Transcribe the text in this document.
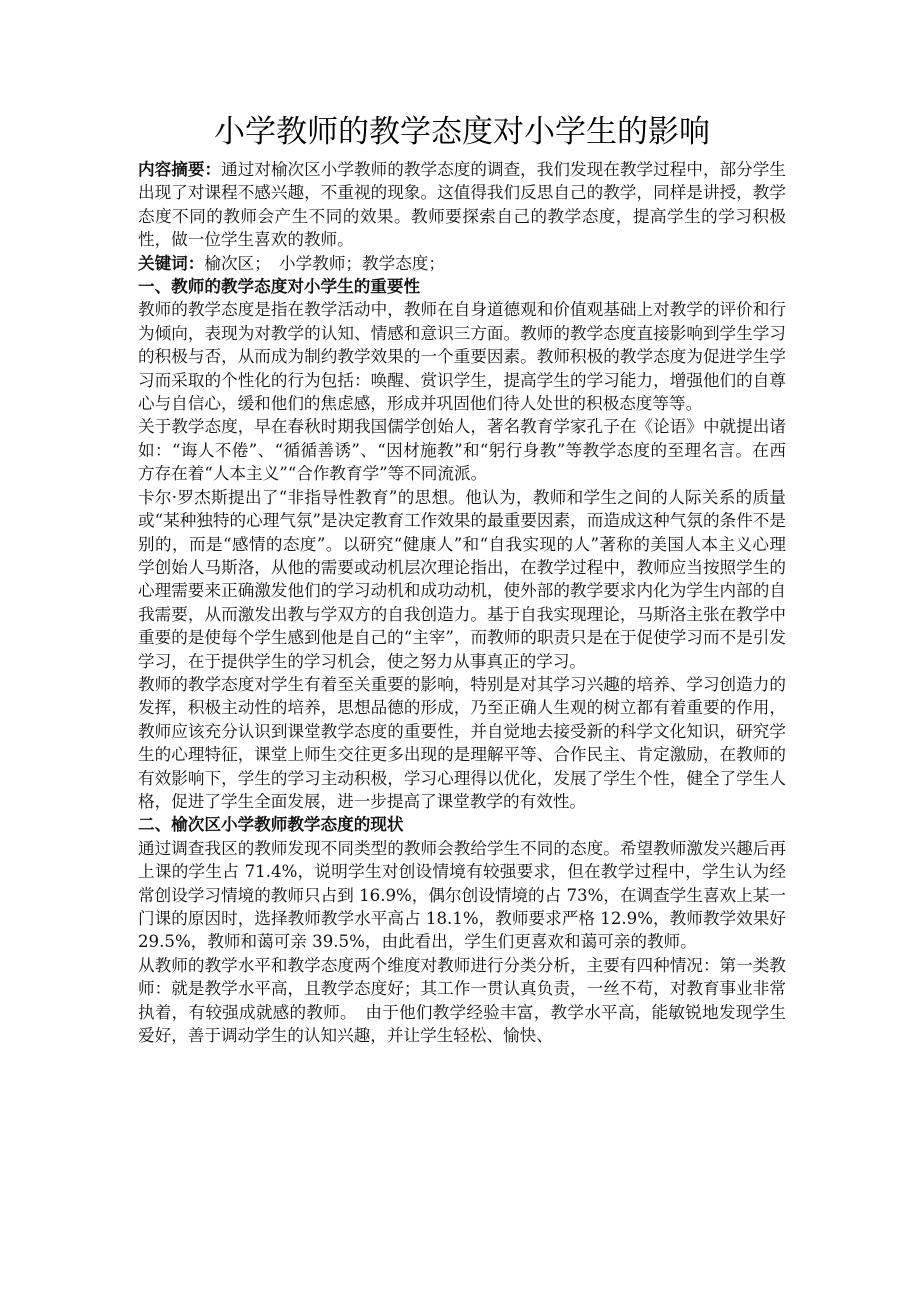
小学教师的教学态度对小学生的影响

内容摘要：通过对榆次区小学教师的教学态度的调查，我们发现在教学过程中，部分学生出现了对课程不感兴趣，不重视的现象。这值得我们反思自己的教学，同样是讲授，教学态度不同的教师会产生不同的效果。教师要探索自己的教学态度，提高学生的学习积极性，做一位学生喜欢的教师。

关键词：榆次区；　小学教师；教学态度；

一、教师的教学态度对小学生的重要性

教师的教学态度是指在教学活动中，教师在自身道德观和价值观基础上对教学的评价和行为倾向，表现为对教学的认知、情感和意识三方面。教师的教学态度直接影响到学生学习的积极与否，从而成为制约教学效果的一个重要因素。教师积极的教学态度为促进学生学习而采取的个性化的行为包括：唤醒、赏识学生，提高学生的学习能力，增强他们的自尊心与自信心，缓和他们的焦虑感，形成并巩固他们待人处世的积极态度等等。

关于教学态度，早在春秋时期我国儒学创始人，著名教育学家孔子在《论语》中就提出诸如：“诲人不倦”、“循循善诱”、“因材施教”和“躬行身教”等教学态度的至理名言。在西方存在着“人本主义”“合作教育学”等不同流派。

卡尔·罗杰斯提出了“非指导性教育”的思想。他认为，教师和学生之间的人际关系的质量或“某种独特的心理气氛”是决定教育工作效果的最重要因素，而造成这种气氛的条件不是别的，而是“感情的态度”。以研究“健康人”和“自我实现的人”著称的美国人本主义心理学创始人马斯洛，从他的需要或动机层次理论指出，在教学过程中，教师应当按照学生的心理需要来正确激发他们的学习动机和成功动机，使外部的教学要求内化为学生内部的自我需要，从而激发出教与学双方的自我创造力。基于自我实现理论，马斯洛主张在教学中重要的是使每个学生感到他是自己的“主宰”，而教师的职责只是在于促使学习而不是引发学习，在于提供学生的学习机会，使之努力从事真正的学习。

教师的教学态度对学生有着至关重要的影响，特别是对其学习兴趣的培养、学习创造力的发挥，积极主动性的培养，思想品德的形成，乃至正确人生观的树立都有着重要的作用，教师应该充分认识到课堂教学态度的重要性，并自觉地去接受新的科学文化知识，研究学生的心理特征，课堂上师生交往更多出现的是理解平等、合作民主、肯定激励，在教师的有效影响下，学生的学习主动积极，学习心理得以优化，发展了学生个性，健全了学生人格，促进了学生全面发展，进一步提高了课堂教学的有效性。

二、榆次区小学教师教学态度的现状

通过调查我区的教师发现不同类型的教师会教给学生不同的态度。希望教师激发兴趣后再上课的学生占 71.4%，说明学生对创设情境有较强要求，但在教学过程中，学生认为经常创设学习情境的教师只占到 16.9%，偶尔创设情境的占 73%，在调查学生喜欢上某一门课的原因时，选择教师教学水平高占 18.1%，教师要求严格 12.9%，教师教学效果好 29.5%，教师和蔼可亲 39.5%，由此看出，学生们更喜欢和蔼可亲的教师。

从教师的教学水平和教学态度两个维度对教师进行分类分析，主要有四种情况：第一类教师：就是教学水平高，且教学态度好；其工作一贯认真负责，一丝不苟，对教育事业非常执着，有较强成就感的教师。　由于他们教学经验丰富，教学水平高，能敏锐地发现学生爱好，善于调动学生的认知兴趣，并让学生轻松、愉快、
